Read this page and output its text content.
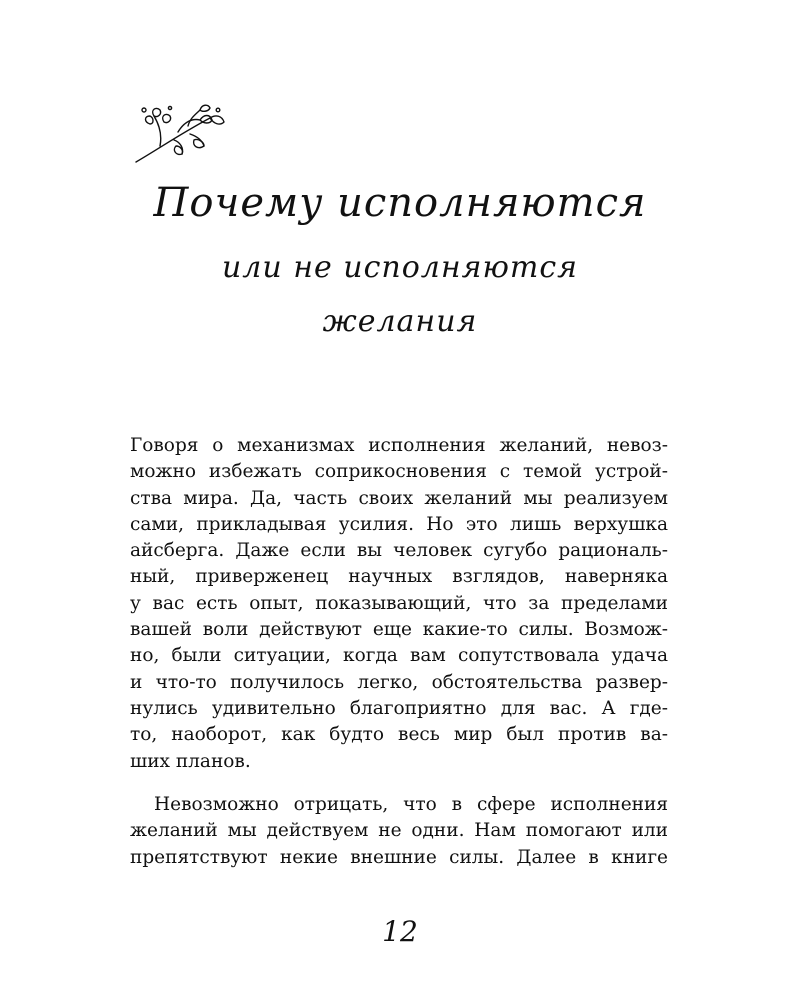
Почему исполняются
или не исполняются
желания
Говоря о механизмах исполнения желаний, невоз-
можно избежать соприкосновения с темой устрой-
ства мира. Да, часть своих желаний мы реализуем
сами, прикладывая усилия. Но это лишь верхушка
айсберга. Даже если вы человек сугубо рациональ-
ный, приверженец научных взглядов, наверняка
у вас есть опыт, показывающий, что за пределами
вашей воли действуют еще какие-то силы. Возмож-
но, были ситуации, когда вам сопутствовала удача
и что-то получилось легко, обстоятельства развер-
нулись удивительно благоприятно для вас. А где-
то, наоборот, как будто весь мир был против ва-
ших планов.
Невозможно отрицать, что в сфере исполнения
желаний мы действуем не одни. Нам помогают или
препятствуют некие внешние силы. Далее в книге
12
